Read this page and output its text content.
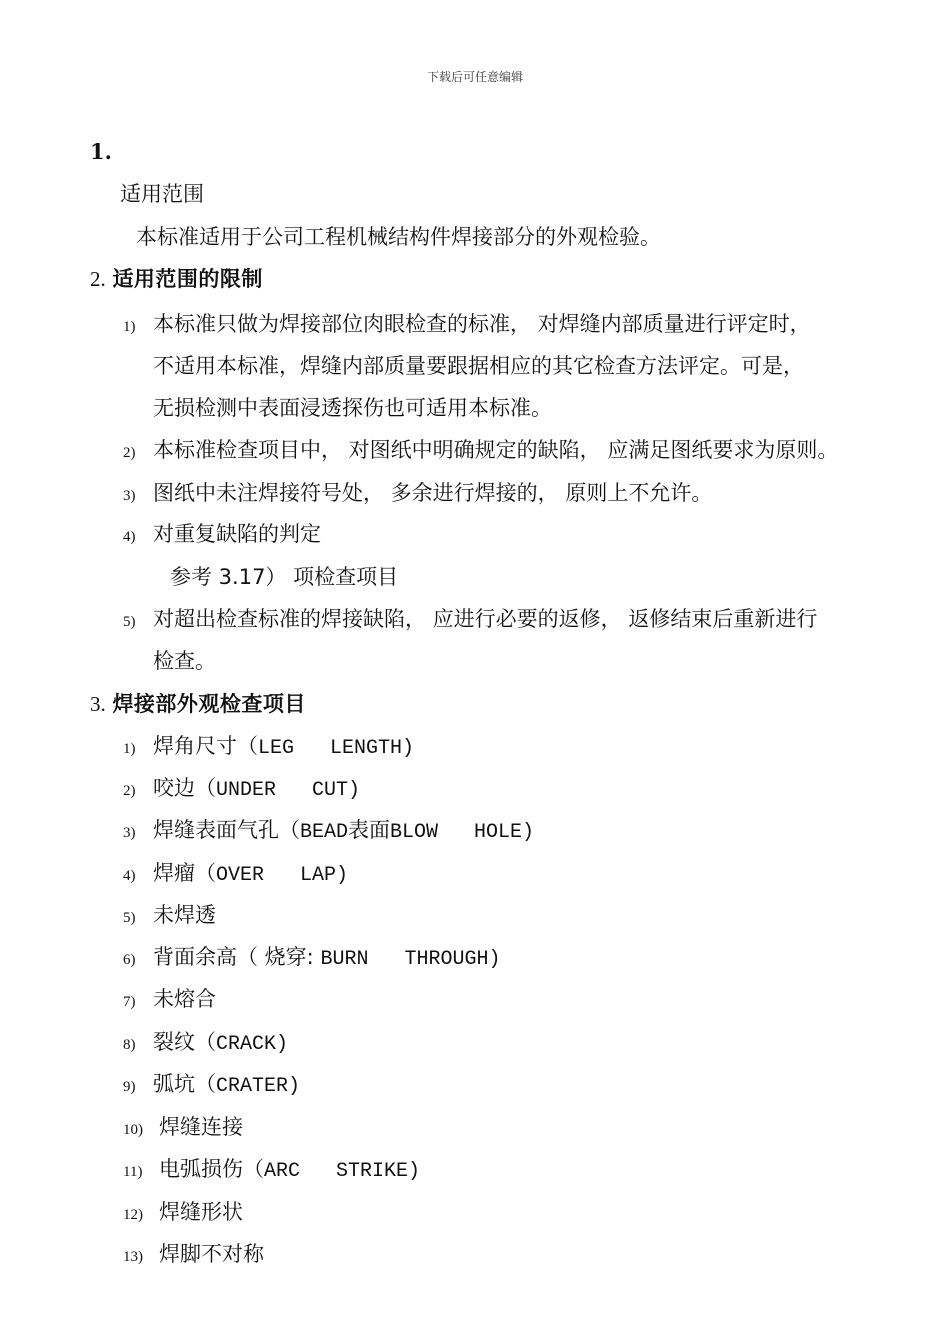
下载后可任意编辑
1.
适用范围
本标准适用于公司工程机械结构件焊接部分的外观检验。
2. 适用范围的限制
1) 本标准只做为焊接部位肉眼检查的标准， 对焊缝内部质量进行评定时，
不适用本标准，焊缝内部质量要跟据相应的其它检查方法评定。可是，
无损检测中表面浸透探伤也可适用本标准。
2) 本标准检查项目中， 对图纸中明确规定的缺陷， 应满足图纸要求为原则。
3) 图纸中未注焊接符号处， 多余进行焊接的， 原则上不允许。
4) 对重复缺陷的判定
参考 3.17） 项检查项目
5) 对超出检查标准的焊接缺陷， 应进行必要的返修， 返修结束后重新进行
检查。
3. 焊接部外观检查项目
1) 焊角尺寸（LEG   LENGTH)
2) 咬边（UNDER   CUT)
3) 焊缝表面气孔（BEAD表面BLOW   HOLE)
4) 焊瘤（OVER   LAP)
5) 未焊透
6) 背面余高（ 烧穿: BURN   THROUGH)
7) 未熔合
8) 裂纹（CRACK)
9) 弧坑（CRATER)
10) 焊缝连接
11) 电弧损伤（ARC   STRIKE)
12) 焊缝形状
13) 焊脚不对称
